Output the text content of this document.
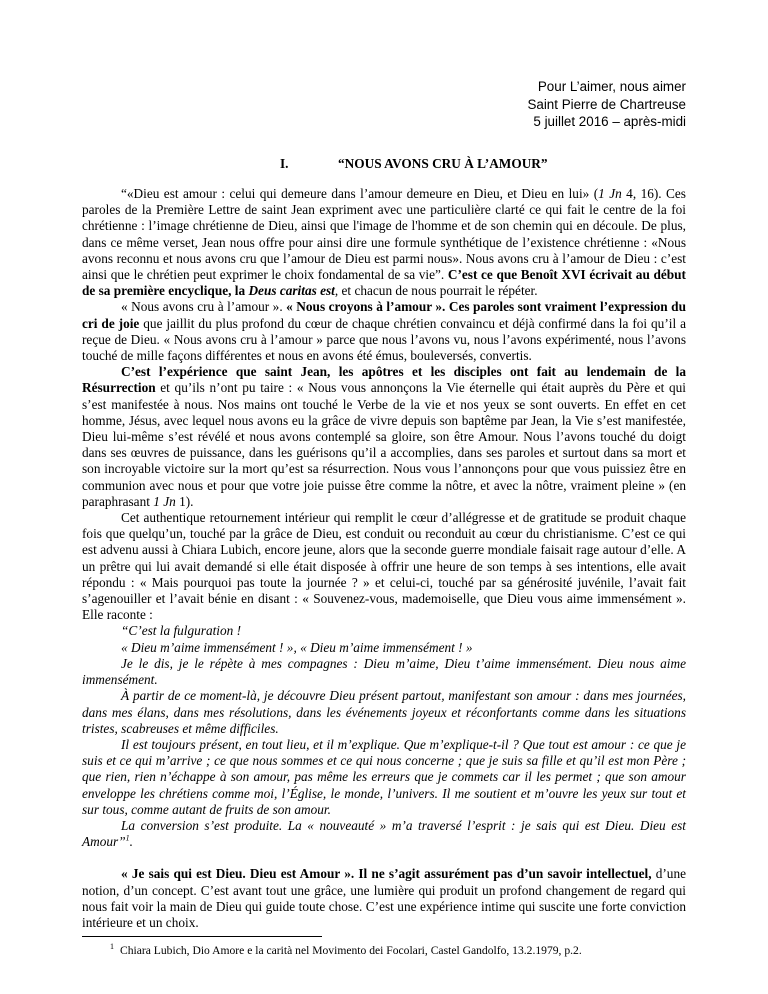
Pour L’aimer, nous aimer
Saint Pierre de Chartreuse
5 juillet 2016 – après-midi
I.	“NOUS AVONS CRU À L’AMOUR”

“«Dieu est amour : celui qui demeure dans l’amour demeure en Dieu, et Dieu en lui» (1 Jn 4, 16). Ces paroles de la Première Lettre de saint Jean expriment avec une particulière clarté ce qui fait le centre de la foi chrétienne : l’image chrétienne de Dieu, ainsi que l'image de l'homme et de son chemin qui en découle. De plus, dans ce même verset, Jean nous offre pour ainsi dire une formule synthétique de l’existence chrétienne : «Nous avons reconnu et nous avons cru que l’amour de Dieu est parmi nous». Nous avons cru à l’amour de Dieu : c’est ainsi que le chrétien peut exprimer le choix fondamental de sa vie”. C’est ce que Benoît XVI écrivait au début de sa première encyclique, la Deus caritas est, et chacun de nous pourrait le répéter.

« Nous avons cru à l’amour ». « Nous croyons à l’amour ». Ces paroles sont vraiment l’expression du cri de joie que jaillit du plus profond du cœur de chaque chrétien convaincu et déjà confirmé dans la foi qu’il a reçue de Dieu. « Nous avons cru à l’amour » parce que nous l’avons vu, nous l’avons expérimenté, nous l’avons touché de mille façons différentes et nous en avons été émus, bouleversés, convertis.

C’est l’expérience que saint Jean, les apôtres et les disciples ont fait au lendemain de la Résurrection et qu’ils n’ont pu taire : « Nous vous annonçons la Vie éternelle qui était auprès du Père et qui s’est manifestée à nous. Nos mains ont touché le Verbe de la vie et nos yeux se sont ouverts. En effet en cet homme, Jésus, avec lequel nous avons eu la grâce de vivre depuis son baptême par Jean, la Vie s’est manifestée, Dieu lui-même s’est révélé et nous avons contemplé sa gloire, son être Amour. Nous l’avons touché du doigt dans ses œuvres de puissance, dans les guérisons qu’il a accomplies, dans ses paroles et surtout dans sa mort et son incroyable victoire sur la mort qu’est sa résurrection. Nous vous l’annonçons pour que vous puissiez être en communion avec nous et pour que votre joie puisse être comme la nôtre, et avec la nôtre, vraiment pleine » (en paraphrasant 1 Jn 1).

Cet authentique retournement intérieur qui remplit le cœur d’allégresse et de gratitude se produit chaque fois que quelqu’un, touché par la grâce de Dieu, est conduit ou reconduit au cœur du christianisme. C’est ce qui est advenu aussi à Chiara Lubich, encore jeune, alors que la seconde guerre mondiale faisait rage autour d’elle. A un prêtre qui lui avait demandé si elle était disposée à offrir une heure de son temps à ses intentions, elle avait répondu : « Mais pourquoi pas toute la journée ? » et celui-ci, touché par sa générosité juvénile, l’avait fait s’agenouiller et l’avait bénie en disant : « Souvenez-vous, mademoiselle, que Dieu vous aime immensément ». Elle raconte :

“C’est la fulguration !

« Dieu m’aime immensément ! », « Dieu m’aime immensément ! »

Je le dis, je le répète à mes compagnes : Dieu m’aime, Dieu t’aime immensément. Dieu nous aime immensément.

À partir de ce moment-là, je découvre Dieu présent partout, manifestant son amour : dans mes journées, dans mes élans, dans mes résolutions, dans les événements joyeux et réconfortants comme dans les situations tristes, scabreuses et même difficiles.

Il est toujours présent, en tout lieu, et il m’explique. Que m’explique-t-il ? Que tout est amour : ce que je suis et ce qui m’arrive ; ce que nous sommes et ce qui nous concerne ; que je suis sa fille et qu’il est mon Père ; que rien, rien n’échappe à son amour, pas même les erreurs que je commets car il les permet ; que son amour enveloppe les chrétiens comme moi, l’Église, le monde, l’univers. Il me soutient et m’ouvre les yeux sur tout et sur tous, comme autant de fruits de son amour.

La conversion s’est produite. La « nouveauté » m’a traversé l’esprit : je sais qui est Dieu. Dieu est Amour”$^1$.

« Je sais qui est Dieu. Dieu est Amour ». Il ne s’agit assurément pas d’un savoir intellectuel, d’une notion, d’un concept. C’est avant tout une grâce, une lumière qui produit un profond changement de regard qui nous fait voir la main de Dieu qui guide toute chose. C’est une expérience intime qui suscite une forte conviction intérieure et un choix.

$^1$ Chiara Lubich, Dio Amore e la carità nel Movimento dei Focolari, Castel Gandolfo, 13.2.1979, p.2.
